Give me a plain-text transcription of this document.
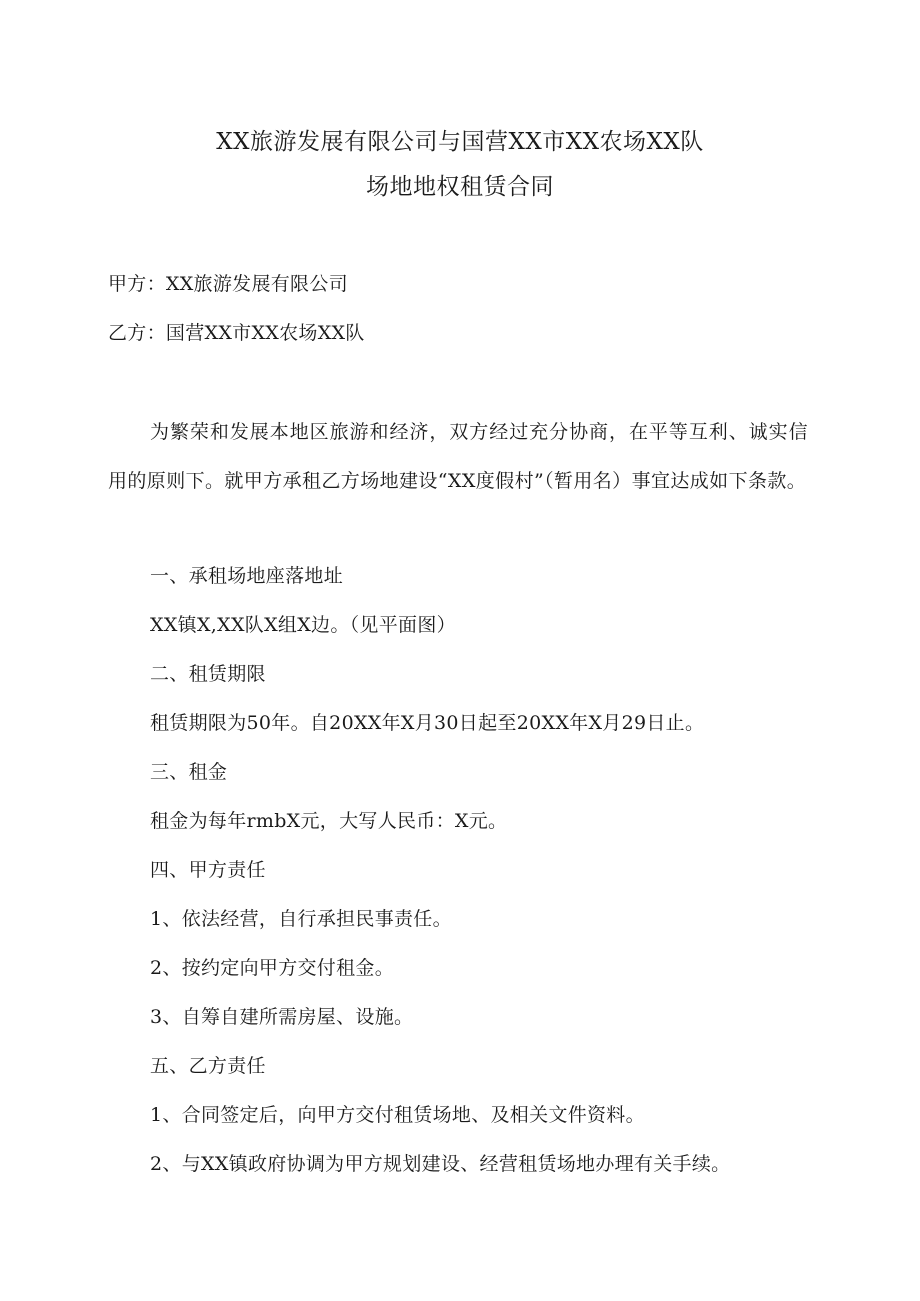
XX旅游发展有限公司与国营XX市XX农场XX队
场地地权租赁合同
甲方：XX旅游发展有限公司
乙方：国营XX市XX农场XX队
为繁荣和发展本地区旅游和经济，双方经过充分协商，在平等互利、诚实信用的原则下。就甲方承租乙方场地建设“XX度假村”（暂用名）事宜达成如下条款。
一、承租场地座落地址
XX镇X,XX队X组X边。（见平面图）
二、租赁期限
租赁期限为50年。自20XX年X月30日起至20XX年X月29日止。
三、租金
租金为每年rmbX元，大写人民币：X元。
四、甲方责任
1、依法经营，自行承担民事责任。
2、按约定向甲方交付租金。
3、自筹自建所需房屋、设施。
五、乙方责任
1、合同签定后，向甲方交付租赁场地、及相关文件资料。
2、与XX镇政府协调为甲方规划建设、经营租赁场地办理有关手续。
